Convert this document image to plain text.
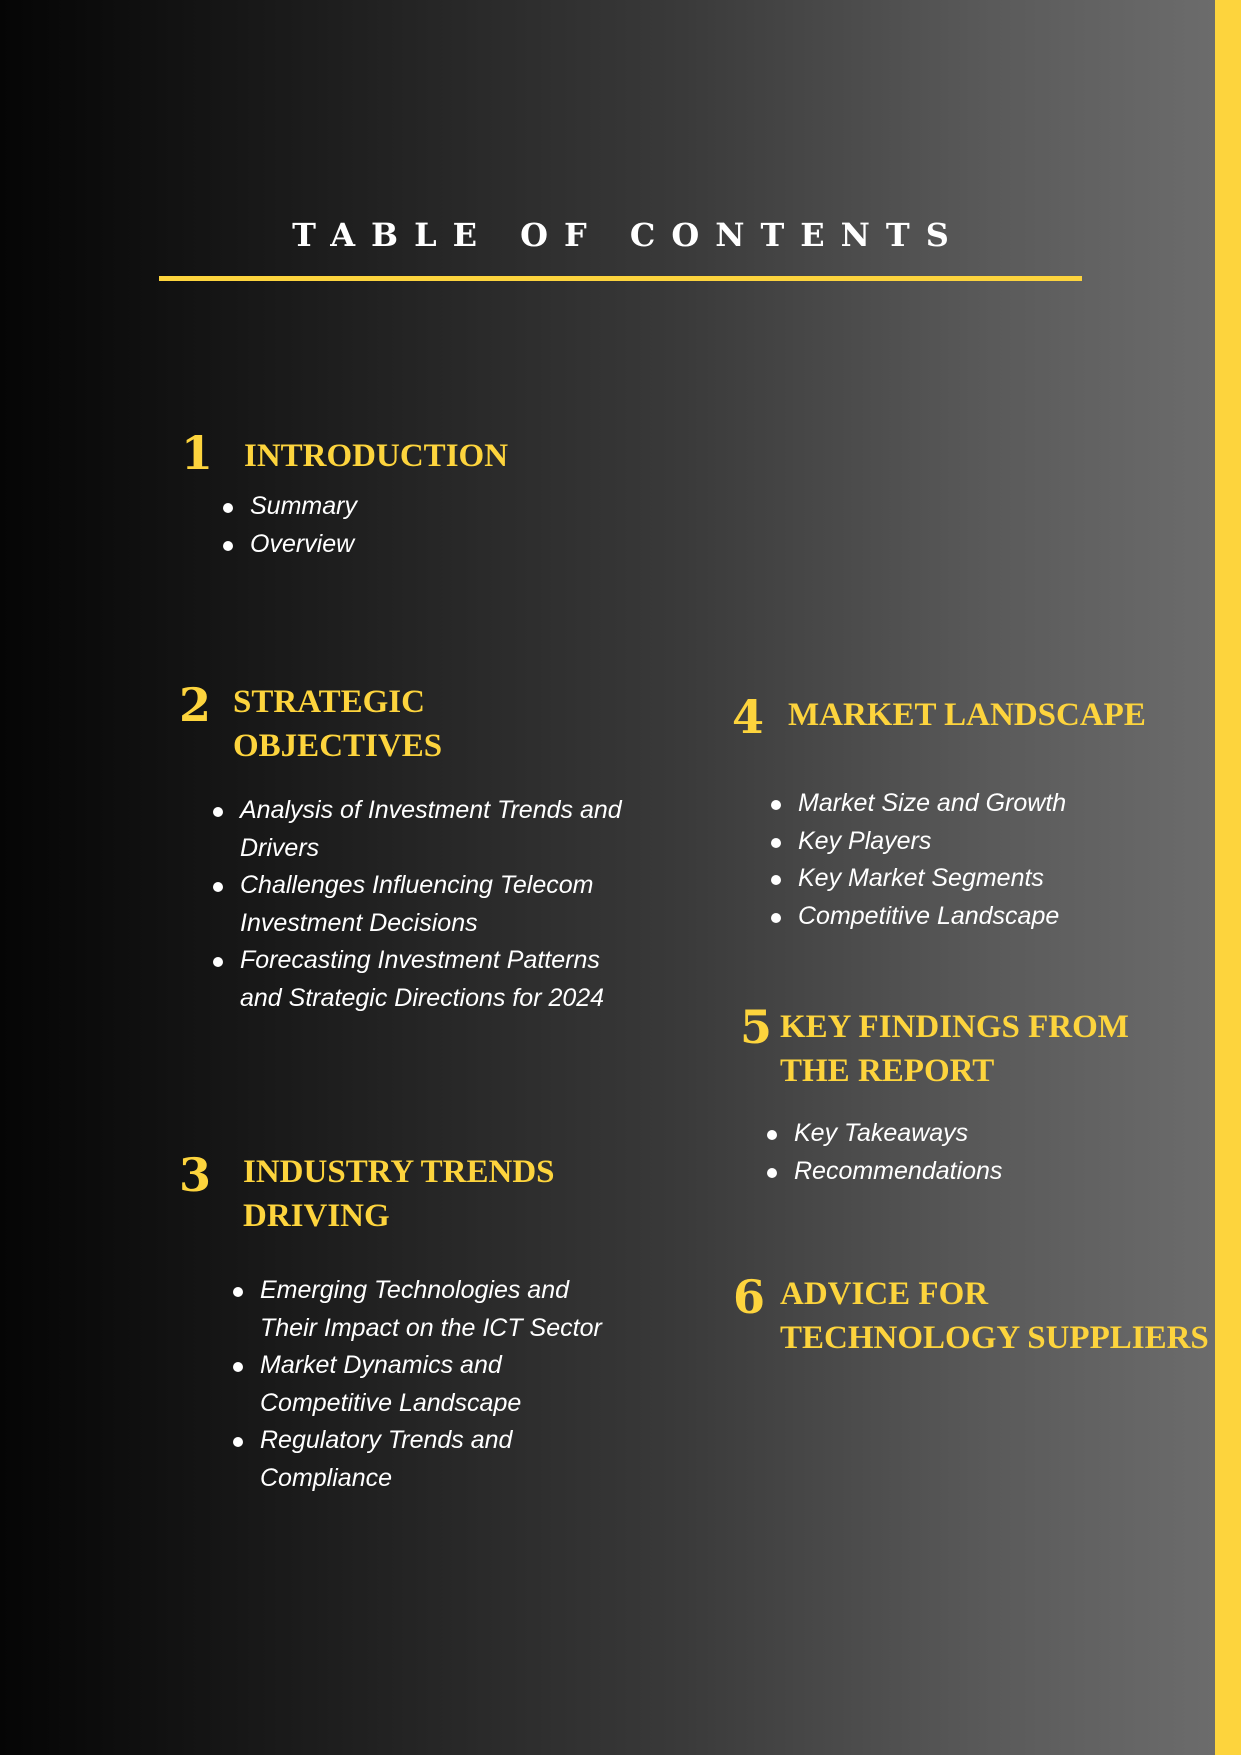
TABLE OF CONTENTS
1 INTRODUCTION
Summary
Overview
2 STRATEGIC
OBJECTIVES
Analysis of Investment Trends and Drivers
Challenges Influencing Telecom Investment Decisions
Forecasting Investment Patterns and Strategic Directions for 2024
3 INDUSTRY TRENDS
DRIVING
Emerging Technologies and Their Impact on the ICT Sector
Market Dynamics and Competitive Landscape
Regulatory Trends and Compliance
4 MARKET LANDSCAPE
Market Size and Growth
Key Players
Key Market Segments
Competitive Landscape
5 KEY FINDINGS FROM
THE REPORT
Key Takeaways
Recommendations
6 ADVICE FOR
TECHNOLOGY SUPPLIERS
